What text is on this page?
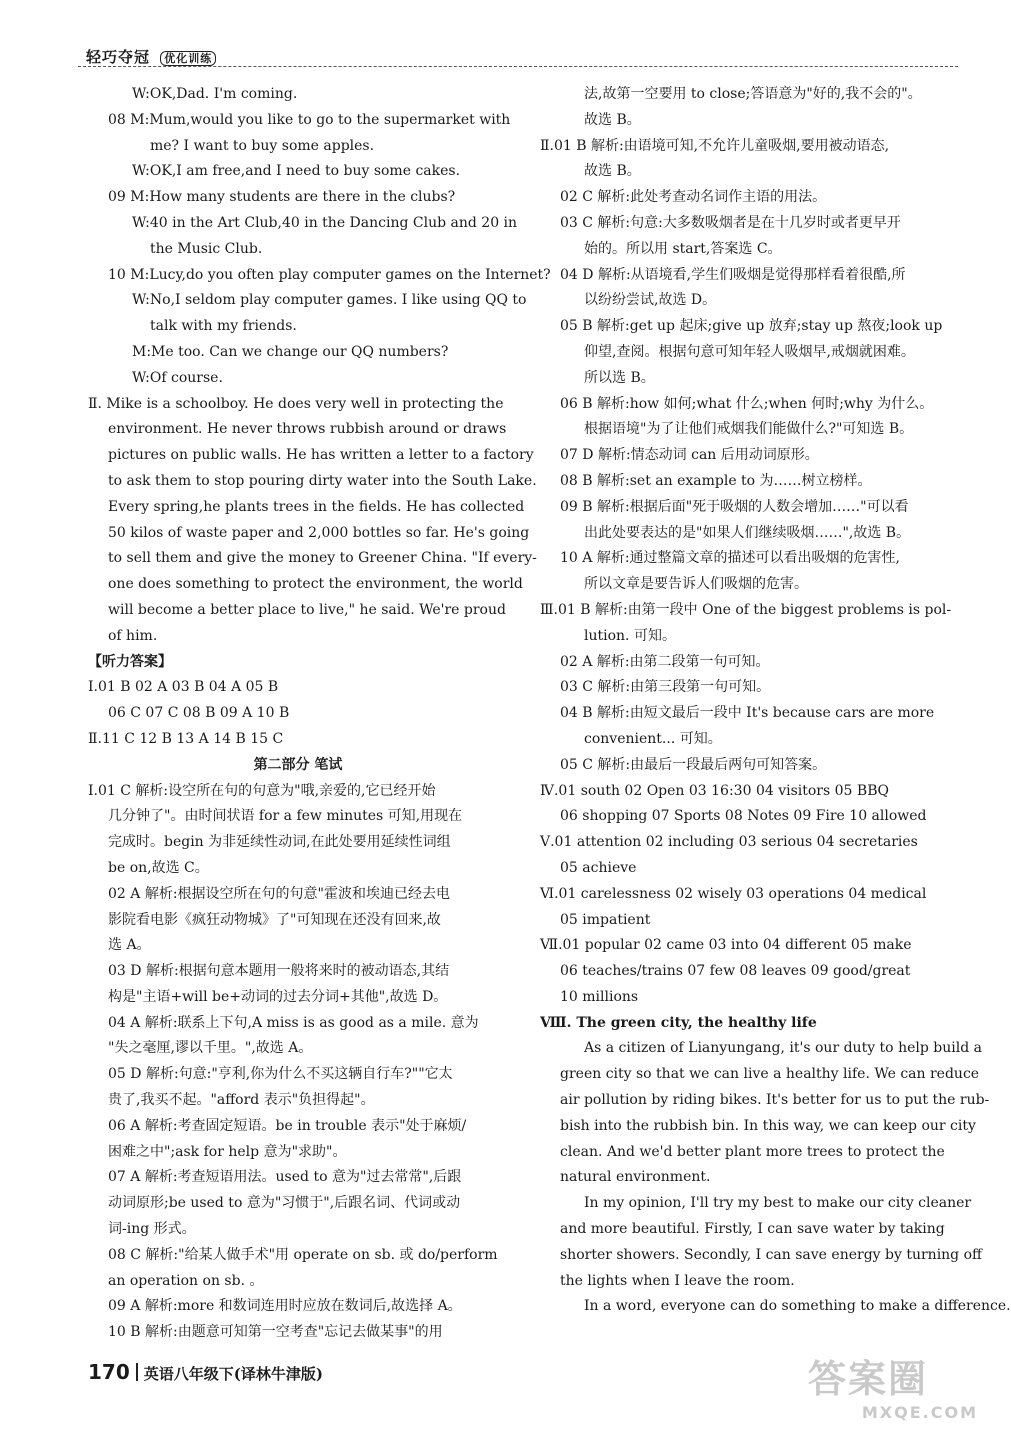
轻巧夺冠 优化训练
W:OK,Dad. I'm coming.
08 M:Mum,would you like to go to the supermarket with
me? I want to buy some apples.
W:OK,I am free,and I need to buy some cakes.
09 M:How many students are there in the clubs?
W:40 in the Art Club,40 in the Dancing Club and 20 in
the Music Club.
10 M:Lucy,do you often play computer games on the Internet?
W:No,I seldom play computer games. I like using QQ to
talk with my friends.
M:Me too. Can we change our QQ numbers?
W:Of course.
Ⅱ. Mike is a schoolboy. He does very well in protecting the
environment. He never throws rubbish around or draws
pictures on public walls. He has written a letter to a factory
to ask them to stop pouring dirty water into the South Lake.
Every spring,he plants trees in the fields. He has collected
50 kilos of waste paper and 2,000 bottles so far. He's going
to sell them and give the money to Greener China. "If every-
one does something to protect the environment, the world
will become a better place to live," he said. We're proud
of him.
【听力答案】
Ⅰ.01 B 02 A 03 B 04 A 05 B
06 C 07 C 08 B 09 A 10 B
Ⅱ.11 C 12 B 13 A 14 B 15 C
第二部分 笔试
Ⅰ.01 C 解析:设空所在句的句意为"哦,亲爱的,它已经开始
几分钟了"。由时间状语 for a few minutes 可知,用现在
完成时。begin 为非延续性动词,在此处要用延续性词组
be on,故选 C。
02 A 解析:根据设空所在句的句意"霍波和埃迪已经去电
影院看电影《疯狂动物城》了"可知现在还没有回来,故
选 A。
03 D 解析:根据句意本题用一般将来时的被动语态,其结
构是"主语+will be+动词的过去分词+其他",故选 D。
04 A 解析:联系上下句,A miss is as good as a mile. 意为
"失之毫厘,谬以千里。",故选 A。
05 D 解析:句意:"亨利,你为什么不买这辆自行车?""它太
贵了,我买不起。"afford 表示"负担得起"。
06 A 解析:考查固定短语。be in trouble 表示"处于麻烦/
困难之中";ask for help 意为"求助"。
07 A 解析:考查短语用法。used to 意为"过去常常",后跟
动词原形;be used to 意为"习惯于",后跟名词、代词或动
词-ing 形式。
08 C 解析:"给某人做手术"用 operate on sb. 或 do/perform
an operation on sb. 。
09 A 解析:more 和数词连用时应放在数词后,故选择 A。
10 B 解析:由题意可知第一空考查"忘记去做某事"的用
法,故第一空要用 to close;答语意为"好的,我不会的"。
故选 B。
Ⅱ.01 B 解析:由语境可知,不允许儿童吸烟,要用被动语态,
故选 B。
02 C 解析:此处考查动名词作主语的用法。
03 C 解析:句意:大多数吸烟者是在十几岁时或者更早开
始的。所以用 start,答案选 C。
04 D 解析:从语境看,学生们吸烟是觉得那样看着很酷,所
以纷纷尝试,故选 D。
05 B 解析:get up 起床;give up 放弃;stay up 熬夜;look up
仰望,查阅。根据句意可知年轻人吸烟早,戒烟就困难。
所以选 B。
06 B 解析:how 如何;what 什么;when 何时;why 为什么。
根据语境"为了让他们戒烟我们能做什么?"可知选 B。
07 D 解析:情态动词 can 后用动词原形。
08 B 解析:set an example to 为……树立榜样。
09 B 解析:根据后面"死于吸烟的人数会增加……"可以看
出此处要表达的是"如果人们继续吸烟……",故选 B。
10 A 解析:通过整篇文章的描述可以看出吸烟的危害性,
所以文章是要告诉人们吸烟的危害。
Ⅲ.01 B 解析:由第一段中 One of the biggest problems is pol-
lution. 可知。
02 A 解析:由第二段第一句可知。
03 C 解析:由第三段第一句可知。
04 B 解析:由短文最后一段中 It's because cars are more
convenient... 可知。
05 C 解析:由最后一段最后两句可知答案。
Ⅳ.01 south 02 Open 03 16:30 04 visitors 05 BBQ
06 shopping 07 Sports 08 Notes 09 Fire 10 allowed
Ⅴ.01 attention 02 including 03 serious 04 secretaries
05 achieve
Ⅵ.01 carelessness 02 wisely 03 operations 04 medical
05 impatient
Ⅶ.01 popular 02 came 03 into 04 different 05 make
06 teaches/trains 07 few 08 leaves 09 good/great
10 millions
Ⅷ. The green city, the healthy life
As a citizen of Lianyungang, it's our duty to help build a
green city so that we can live a healthy life. We can reduce
air pollution by riding bikes. It's better for us to put the rub-
bish into the rubbish bin. In this way, we can keep our city
clean. And we'd better plant more trees to protect the
natural environment.
In my opinion, I'll try my best to make our city cleaner
and more beautiful. Firstly, I can save water by taking
shorter showers. Secondly, I can save energy by turning off
the lights when I leave the room.
In a word, everyone can do something to make a difference.
170 英语八年级下(译林牛津版)	答案圈
MXQE.COM
